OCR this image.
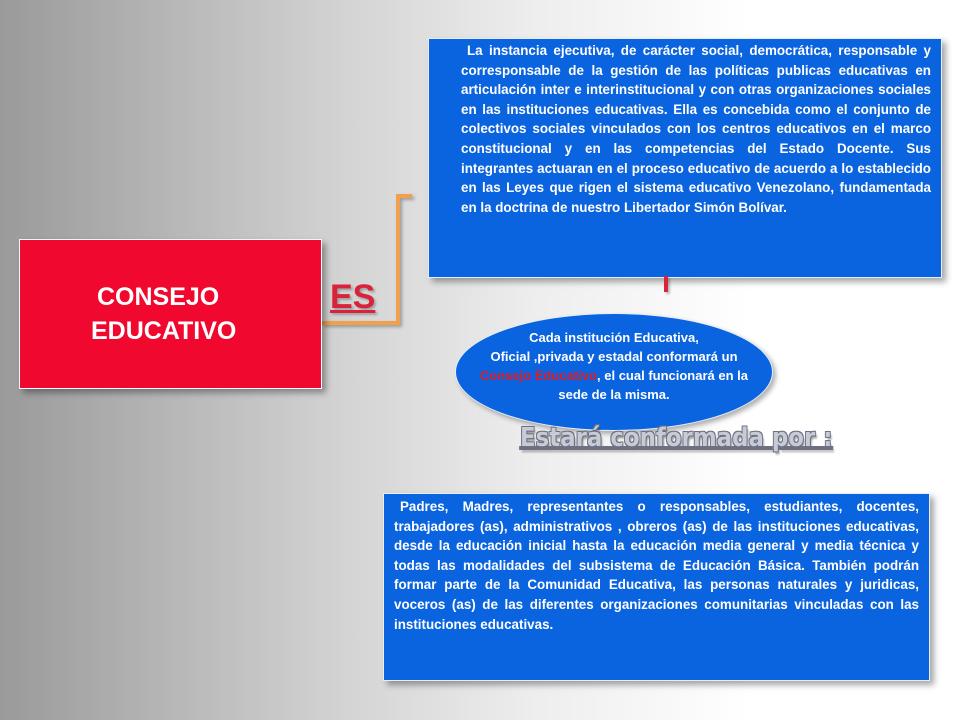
CONSEJO
EDUCATIVO
ES

La instancia ejecutiva, de carácter social, democrática, responsable y corresponsable de la gestión de las políticas publicas educativas en articulación inter e interinstitucional y con otras organizaciones sociales en las instituciones educativas. Ella es concebida como el conjunto de colectivos sociales vinculados con los centros educativos en el marco constitucional y en las competencias del Estado Docente. Sus integrantes actuaran en el proceso educativo de acuerdo a lo establecido en las Leyes que rigen el sistema educativo Venezolano, fundamentada en la doctrina de nuestro Libertador Simón Bolívar.

Cada institución Educativa,
Oficial ,privada y estadal conformará un Consejo Educativo, el cual funcionará en la sede de la misma.
Estará conformada por :

Padres, Madres, representantes o responsables, estudiantes, docentes, trabajadores (as), administrativos , obreros (as) de las instituciones educativas, desde la educación inicial hasta la educación media general y media técnica y todas las modalidades del subsistema de Educación Básica. También podrán formar parte de la Comunidad Educativa, las personas naturales y juridicas, voceros (as) de las diferentes organizaciones comunitarias vinculadas con las instituciones educativas.
